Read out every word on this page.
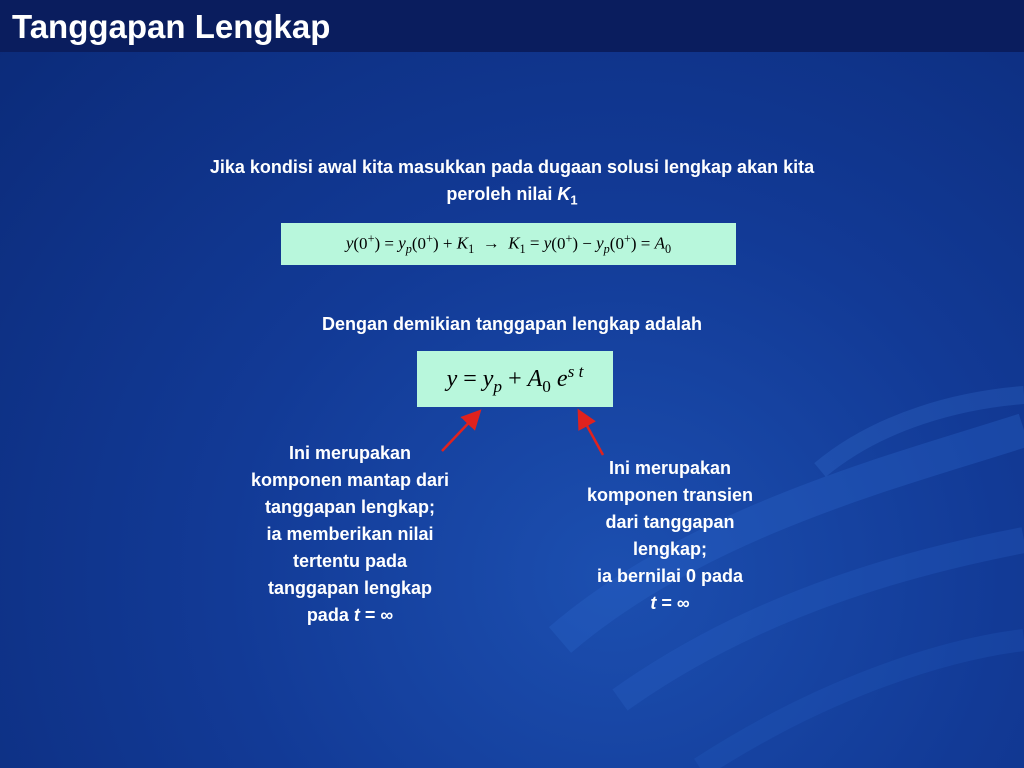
Tanggapan Lengkap
Jika kondisi awal kita masukkan pada dugaan solusi lengkap akan kita
peroleh nilai $K_1$
$y(0^+) = y_p(0^+) + K_1 \to K_1 = y(0^+) - y_p(0^+) = A_0$
Dengan demikian tanggapan lengkap adalah
$y = y_p + A_0$ $e^{s t}$
Ini merupakan
komponen mantap dari
tanggapan lengkap;
ia memberikan nilai
tertentu pada
tanggapan lengkap
pada t = ∞
Ini merupakan
komponen transien
dari tanggapan
lengkap;
ia bernilai 0 pada
t = ∞
